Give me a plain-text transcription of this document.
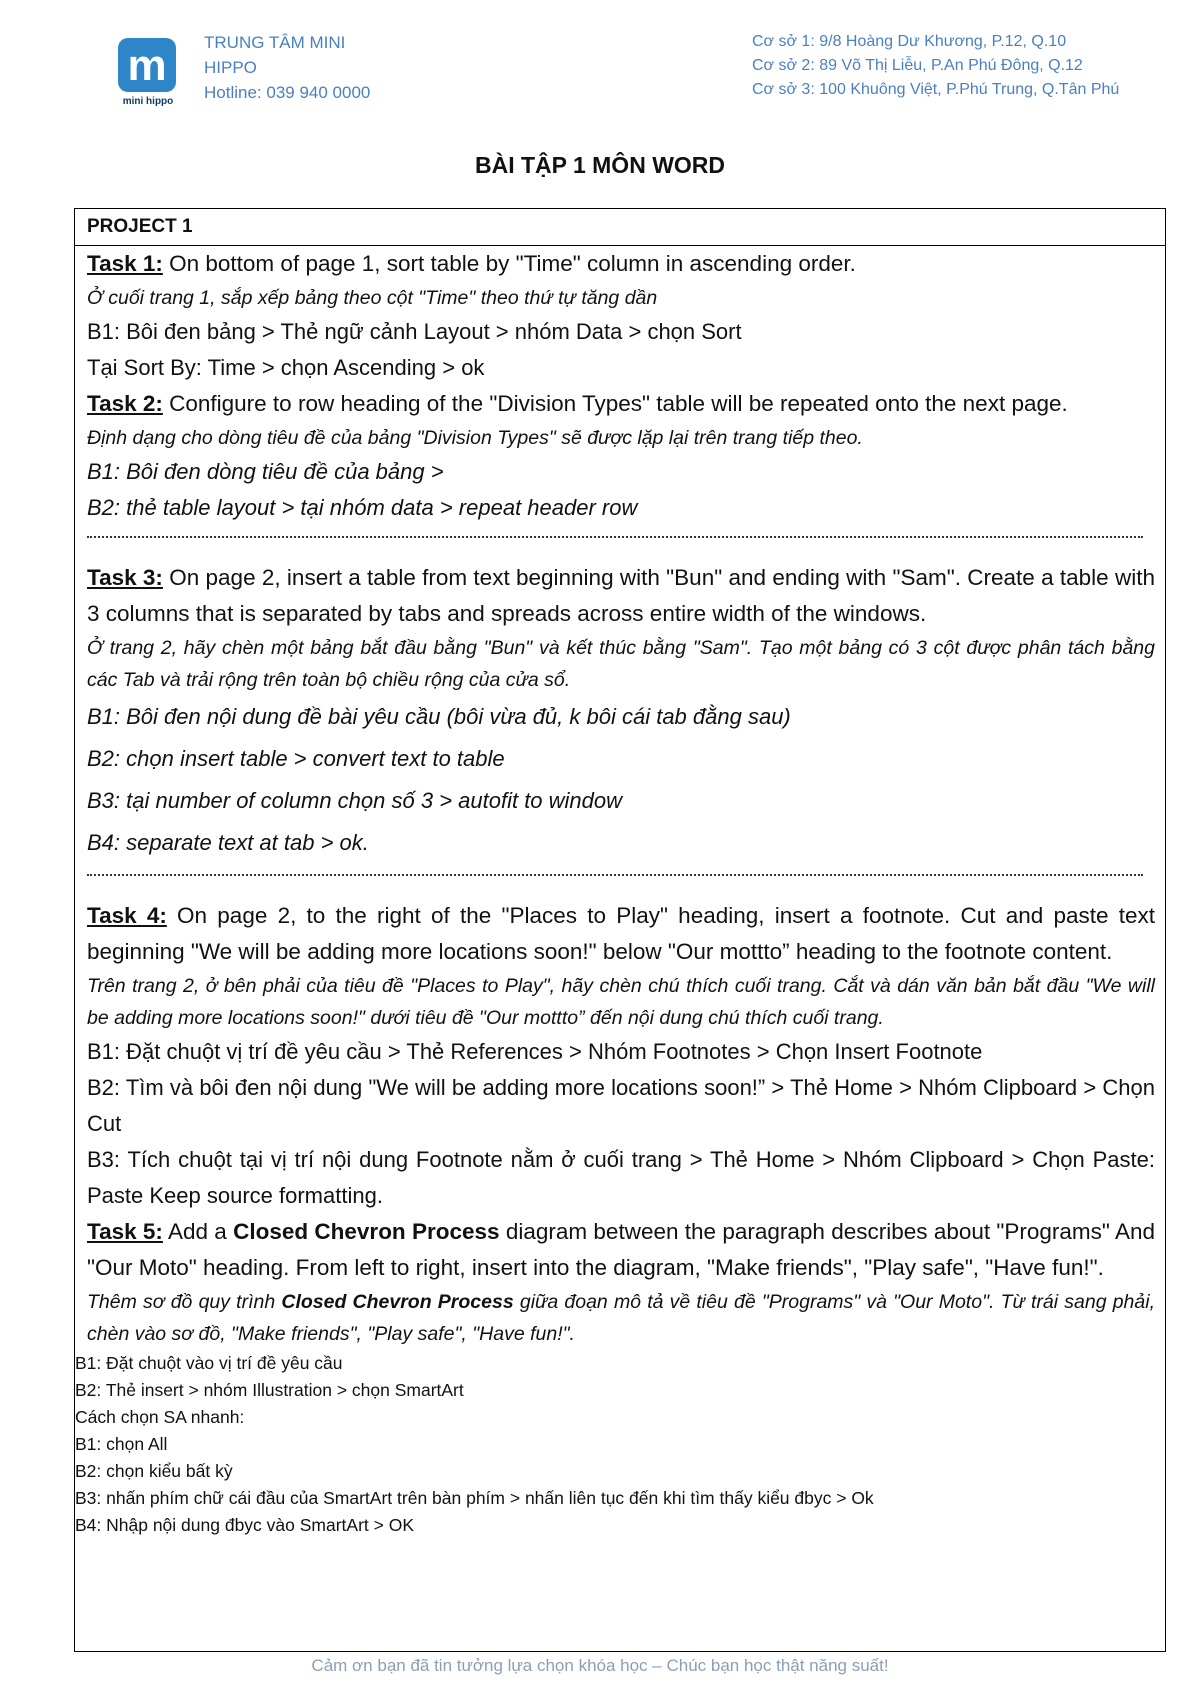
m
mini hippo
TRUNG TÂM MINI HIPPO
Hotline: 039 940 0000
Cơ sở 1: 9/8 Hoàng Dư Khương, P.12, Q.10
Cơ sở 2: 89 Võ Thị Liễu, P.An Phú Đông, Q.12
Cơ sở 3: 100 Khuông Việt, P.Phú Trung, Q.Tân Phú
BÀI TẬP 1 MÔN WORD
PROJECT 1
Task 1: On bottom of page 1, sort table by "Time" column in ascending order.
Ở cuối trang 1, sắp xếp bảng theo cột "Time" theo thứ tự tăng dần
B1: Bôi đen bảng > Thẻ ngữ cảnh Layout > nhóm Data > chọn Sort
Tại Sort By: Time > chọn Ascending > ok
Task 2: Configure to row heading of the "Division Types" table will be repeated onto the next page.
Định dạng cho dòng tiêu đề của bảng "Division Types" sẽ được lặp lại trên trang tiếp theo.
B1: Bôi đen dòng tiêu đề của bảng >
B2: thẻ table layout > tại nhóm data > repeat header row
Task 3: On page 2, insert a table from text beginning with "Bun" and ending with "Sam". Create a table with 3 columns that is separated by tabs and spreads across entire width of the windows.
Ở trang 2, hãy chèn một bảng bắt đầu bằng "Bun" và kết thúc bằng "Sam". Tạo một bảng có 3 cột được phân tách bằng các Tab và trải rộng trên toàn bộ chiều rộng của cửa sổ.
B1: Bôi đen nội dung đề bài yêu cầu (bôi vừa đủ, k bôi cái tab đằng sau)
B2: chọn insert table > convert text to table
B3: tại number of column chọn số 3 > autofit to window
B4: separate text at tab > ok.
Task 4: On page 2, to the right of the "Places to Play" heading, insert a footnote. Cut and paste text beginning "We will be adding more locations soon!" below "Our mottto” heading to the footnote content.
Trên trang 2, ở bên phải của tiêu đề "Places to Play", hãy chèn chú thích cuối trang. Cắt và dán văn bản bắt đầu "We will be adding more locations soon!" dưới tiêu đề "Our mottto” đến nội dung chú thích cuối trang.
B1: Đặt chuột vị trí đề yêu cầu > Thẻ References > Nhóm Footnotes > Chọn Insert Footnote
B2: Tìm và bôi đen nội dung "We will be adding more locations soon!” > Thẻ Home > Nhóm Clipboard > Chọn Cut
B3: Tích chuột tại vị trí nội dung Footnote nằm ở cuối trang > Thẻ Home > Nhóm Clipboard > Chọn Paste: Paste Keep source formatting.
Task 5: Add a Closed Chevron Process diagram between the paragraph describes about "Programs" And "Our Moto" heading. From left to right, insert into the diagram, "Make friends", "Play safe", "Have fun!".
Thêm sơ đồ quy trình Closed Chevron Process giữa đoạn mô tả về tiêu đề "Programs" và "Our Moto". Từ trái sang phải, chèn vào sơ đồ, "Make friends", "Play safe", "Have fun!".
B1: Đặt chuột vào vị trí đề yêu cầu
B2: Thẻ insert > nhóm Illustration > chọn SmartArt
Cách chọn SA nhanh:
B1: chọn All
B2: chọn kiểu bất kỳ
B3: nhấn phím chữ cái đầu của SmartArt trên bàn phím > nhấn liên tục đến khi tìm thấy kiểu đbyc > Ok
B4: Nhập nội dung đbyc vào SmartArt > OK
Cảm ơn bạn đã tin tưởng lựa chọn khóa học – Chúc bạn học thật năng suất!
